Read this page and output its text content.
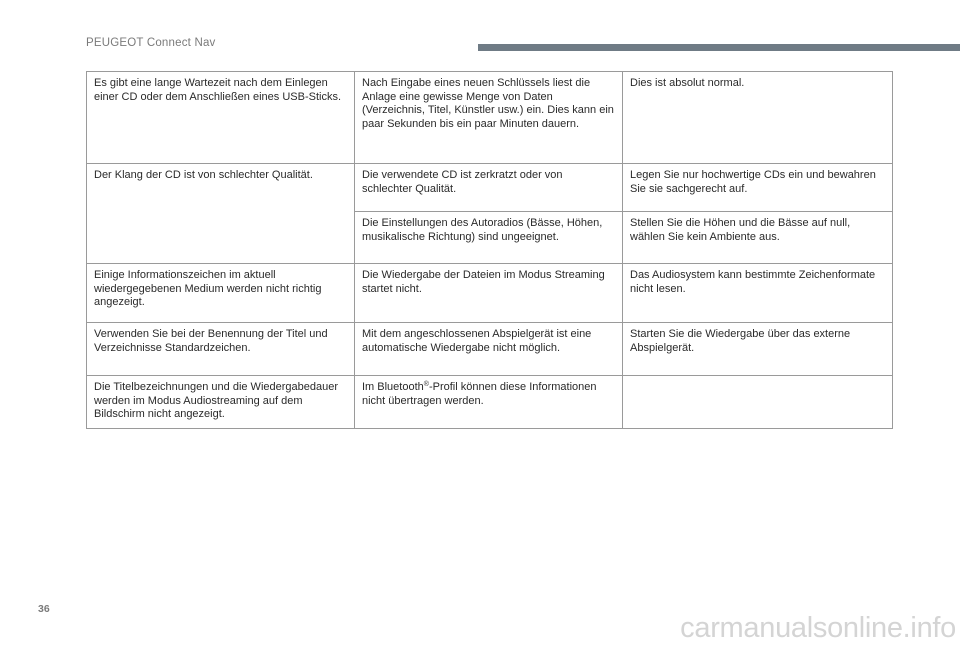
PEUGEOT Connect Nav
Es gibt eine lange Wartezeit nach dem Einlegen einer CD oder dem Anschließen eines USB-Sticks.	Nach Eingabe eines neuen Schlüssels liest die Anlage eine gewisse Menge von Daten (Verzeichnis, Titel, Künstler usw.) ein. Dies kann ein paar Sekunden bis ein paar Minuten dauern.	Dies ist absolut normal.
Der Klang der CD ist von schlechter Qualität.	Die verwendete CD ist zerkratzt oder von schlechter Qualität.	Legen Sie nur hochwertige CDs ein und bewahren Sie sie sachgerecht auf.
	Die Einstellungen des Autoradios (Bässe, Höhen, musikalische Richtung) sind ungeeignet.	Stellen Sie die Höhen und die Bässe auf null, wählen Sie kein Ambiente aus.
Einige Informationszeichen im aktuell wiedergegebenen Medium werden nicht richtig angezeigt.	Die Wiedergabe der Dateien im Modus Streaming startet nicht.	Das Audiosystem kann bestimmte Zeichenformate nicht lesen.
Verwenden Sie bei der Benennung der Titel und Verzeichnisse Standardzeichen.	Mit dem angeschlossenen Abspielgerät ist eine automatische Wiedergabe nicht möglich.	Starten Sie die Wiedergabe über das externe Abspielgerät.
Die Titelbezeichnungen und die Wiedergabedauer werden im Modus Audiostreaming auf dem Bildschirm nicht angezeigt.	Im Bluetooth®-Profil können diese Informationen nicht übertragen werden.	
36
carmanualsonline.info
